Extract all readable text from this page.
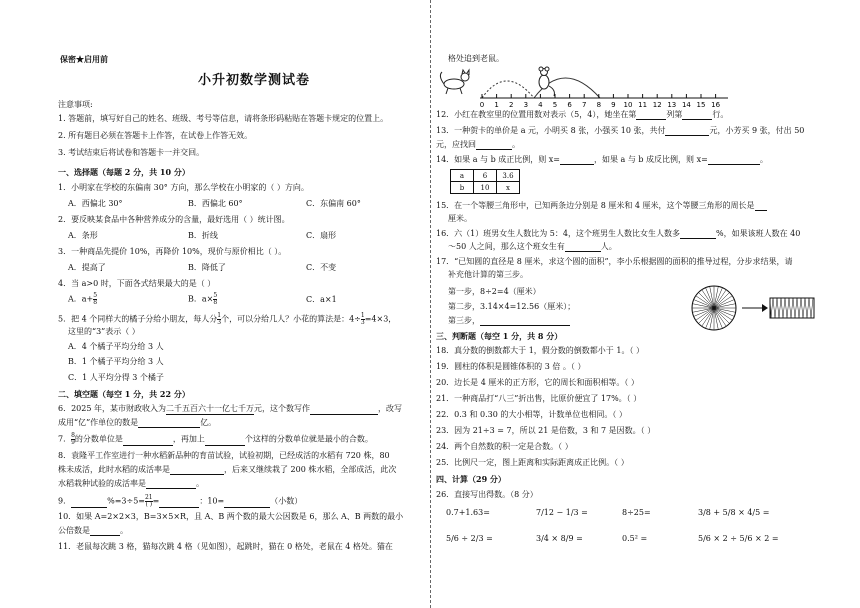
保密★启用前
小升初数学测试卷
注意事项:
1. 答题前，填写好自己的姓名、班级、考号等信息，请将条形码粘贴在答题卡规定的位置上。
2. 所有题目必须在答题卡上作答，在试卷上作答无效。
3. 考试结束后将试卷和答题卡一并交回。
一、选择题（每题 2 分，共 10 分）
1．小明家在学校的东偏南 30° 方向，那么学校在小明家的（ ）方向。
A．西偏北 30°	B．西偏北 60°	C．东偏南 60°
2．要反映某食品中各种营养成分的含量，最好选用（ ）统计图。
A．条形	B．折线	C．扇形
3．一种商品先提价 10%，再降价 10%，现价与原价相比（ ）。
A．提高了	B．降低了	C．不变
4．当 a>0 时，下面各式结果最大的是（ ）
A．$a+ \frac{5}{8}$	B．$a\times \frac{5}{8}$	C．a×1
5．把 4 个同样大的橘子分给小朋友，每人分 $\frac{1}{3}$ 个，可以分给几人？小花的算法是：$4\div \frac{1}{3} =4\times 3$，
这里的“3”表示（ ）
A．4 个橘子平均分给 3 人
B．1 个橘子平均分给 3 人
C．1 人平均分得 3 个橘子
二、填空题（每空 1 分，共 22 分）
6．2025 年，某市财政收入为二千五百六十一亿七千万元，这个数写作	，改写
成用“亿”作单位的数是	亿。
7． $\frac{8}{9}$ 的分数单位是	，再加上	个这样的分数单位就是最小的合数。
8．袁隆平工作室进行一种水稻新品种的育苗试验，试验初期，已经成活的水稻有 720 株，80
株未成活，此时水稻的成活率是	，后来又继续栽了 200 株水稻，全部成活，此次
水稻栽种试验的成活率是	。
9．	$\%=3\div 5= \frac{21}{( )}$ =	：10=	（小数）
10．如果 A=2×2×3，B=3×5×R，且 A、B 两个数的最大公因数是 6，那么 A、B 两数的最小
公倍数是	。
11．老鼠每次跳 3 格，猫每次跳 4 格（见如图），起跳时，猫在 0 格处，老鼠在 4 格处。猫在
格处追到老鼠。
0 1 2 3 4 5 6 7 8 9 10 11 12 13 14 15 16
12．小红在教室里的位置用数对表示（5，4），她坐在第	列第	行。
13．一种贺卡的单价是 a 元，小明买 8 张，小强买 10 张，共付	元，小芳买 9 张，付出 50
元，应找回	。
14．如果 a 与 b 成正比例，则 x=	，如果 a 与 b 成反比例，则 x=	。
a	6	3.6
b	10	x
15．在一个等腰三角形中，已知两条边分别是 8 厘米和 4 厘米，这个等腰三角形的周长是
厘米。
16．六（1）班男女生人数比为 5：4，这个班男生人数比女生人数多	%，如果该班人数在 40
～50 人之间，那么这个班女生有	人。
17．“已知圆的直径是 8 厘米，求这个圆的面积”，李小乐根据圆的面积的推导过程，分步求结果，请
补充他计算的第三步。
第一步，8÷2=4（厘米）
第二步，3.14×4=12.56（厘米）；
第三步，
三、判断题（每空 1 分，共 8 分）
18．真分数的倒数都大于 1，假分数的倒数都小于 1。（ ）
19．圆柱的体积是圆锥体积的 3 倍 。（ ）
20．边长是 4 厘米的正方形，它的周长和面积相等。（ ）
21．一种商品打“八三”折出售，比原价便宜了 17%。（ ）
22．0.3 和 0.30 的大小相等，计数单位也相同。（ ）
23．因为 21÷3 = 7，所以 21 是倍数，3 和 7 是因数。（ ）
24．两个自然数的积一定是合数。（ ）
25．比例尺一定，图上距离和实际距离成正比例。（ ）
四、计算（29 分）
26．直接写出得数。（8 分）
0.7+1.63=	7/12 − 1/3 =	8÷25=	3/8 + 5/8 × 4/5 =
5/6 ÷ 2/3 =	3/4 × 8/9 =	0.5² =	5/6 × 2 ÷ 5/6 × 2 =
